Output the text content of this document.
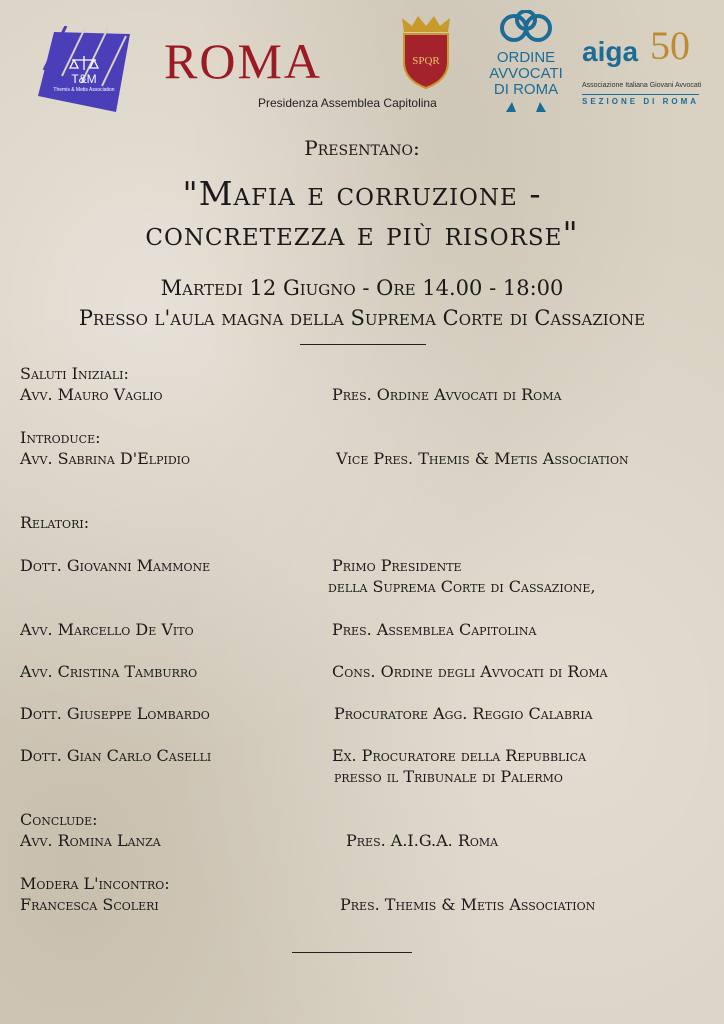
T&M
Themis & Metis Association
ROMA
Presidenza Assemblea Capitolina
SPQR	ORDINE
AVVOCATI
DI ROMA
aiga 50
Associazione Italiana Giovani Avvocati
SEZIONE DI ROMA
Presentano:
"Mafia e corruzione -
concretezza e più risorse"
Martedi 12 Giugno - Ore 14.00 - 18:00
Presso l'aula magna della Suprema Corte di Cassazione
Saluti Iniziali:
Avv. Mauro Vaglio	Pres. Ordine Avvocati di Roma
Introduce:
Avv. Sabrina D'Elpidio	Vice Pres. Themis & Metis Association
Relatori:
Dott. Giovanni Mammone	Primo Presidente
della Suprema Corte di Cassazione,
Avv. Marcello De Vito	Pres. Assemblea Capitolina
Avv. Cristina Tamburro	Cons. Ordine degli Avvocati di Roma
Dott. Giuseppe Lombardo	Procuratore Agg. Reggio Calabria
Dott. Gian Carlo Caselli	Ex. Procuratore della Repubblica
presso il Tribunale di Palermo
Conclude:
Avv. Romina Lanza	Pres. A.I.G.A. Roma
Modera L'incontro:
Francesca Scoleri	Pres. Themis & Metis Association
